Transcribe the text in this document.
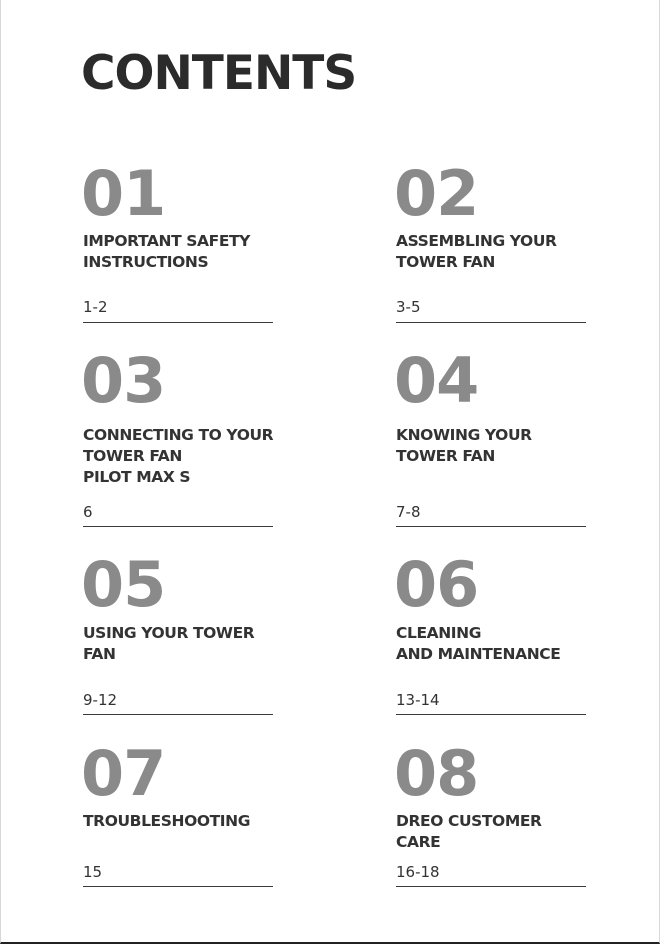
CONTENTS
01
IMPORTANT SAFETY
INSTRUCTIONS
1-2
02
ASSEMBLING YOUR
TOWER FAN
3-5
03
CONNECTING TO YOUR
TOWER FAN
PILOT MAX S
6
04
KNOWING YOUR
TOWER FAN
7-8
05
USING YOUR TOWER
FAN
9-12
06
CLEANING
AND MAINTENANCE
13-14
07
TROUBLESHOOTING
15
08
DREO CUSTOMER
CARE
16-18
